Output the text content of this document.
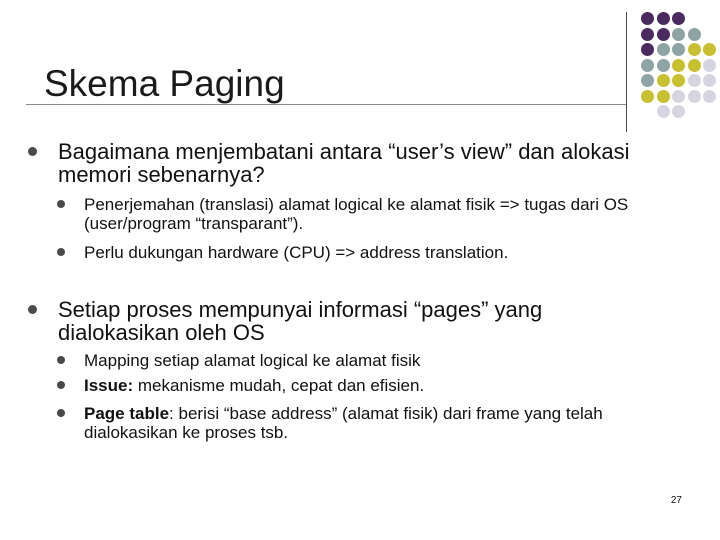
Skema Paging
Bagaimana menjembatani antara “user’s view” dan alokasi memori sebenarnya?
Penerjemahan (translasi) alamat logical ke alamat fisik => tugas dari OS (user/program “transparant”).
Perlu dukungan hardware (CPU) => address translation.
Setiap proses mempunyai informasi “pages” yang dialokasikan oleh OS
Mapping setiap alamat logical ke alamat fisik
Issue: mekanisme mudah, cepat dan efisien.
Page table: berisi “base address” (alamat fisik) dari frame yang telah dialokasikan ke proses tsb.
27
